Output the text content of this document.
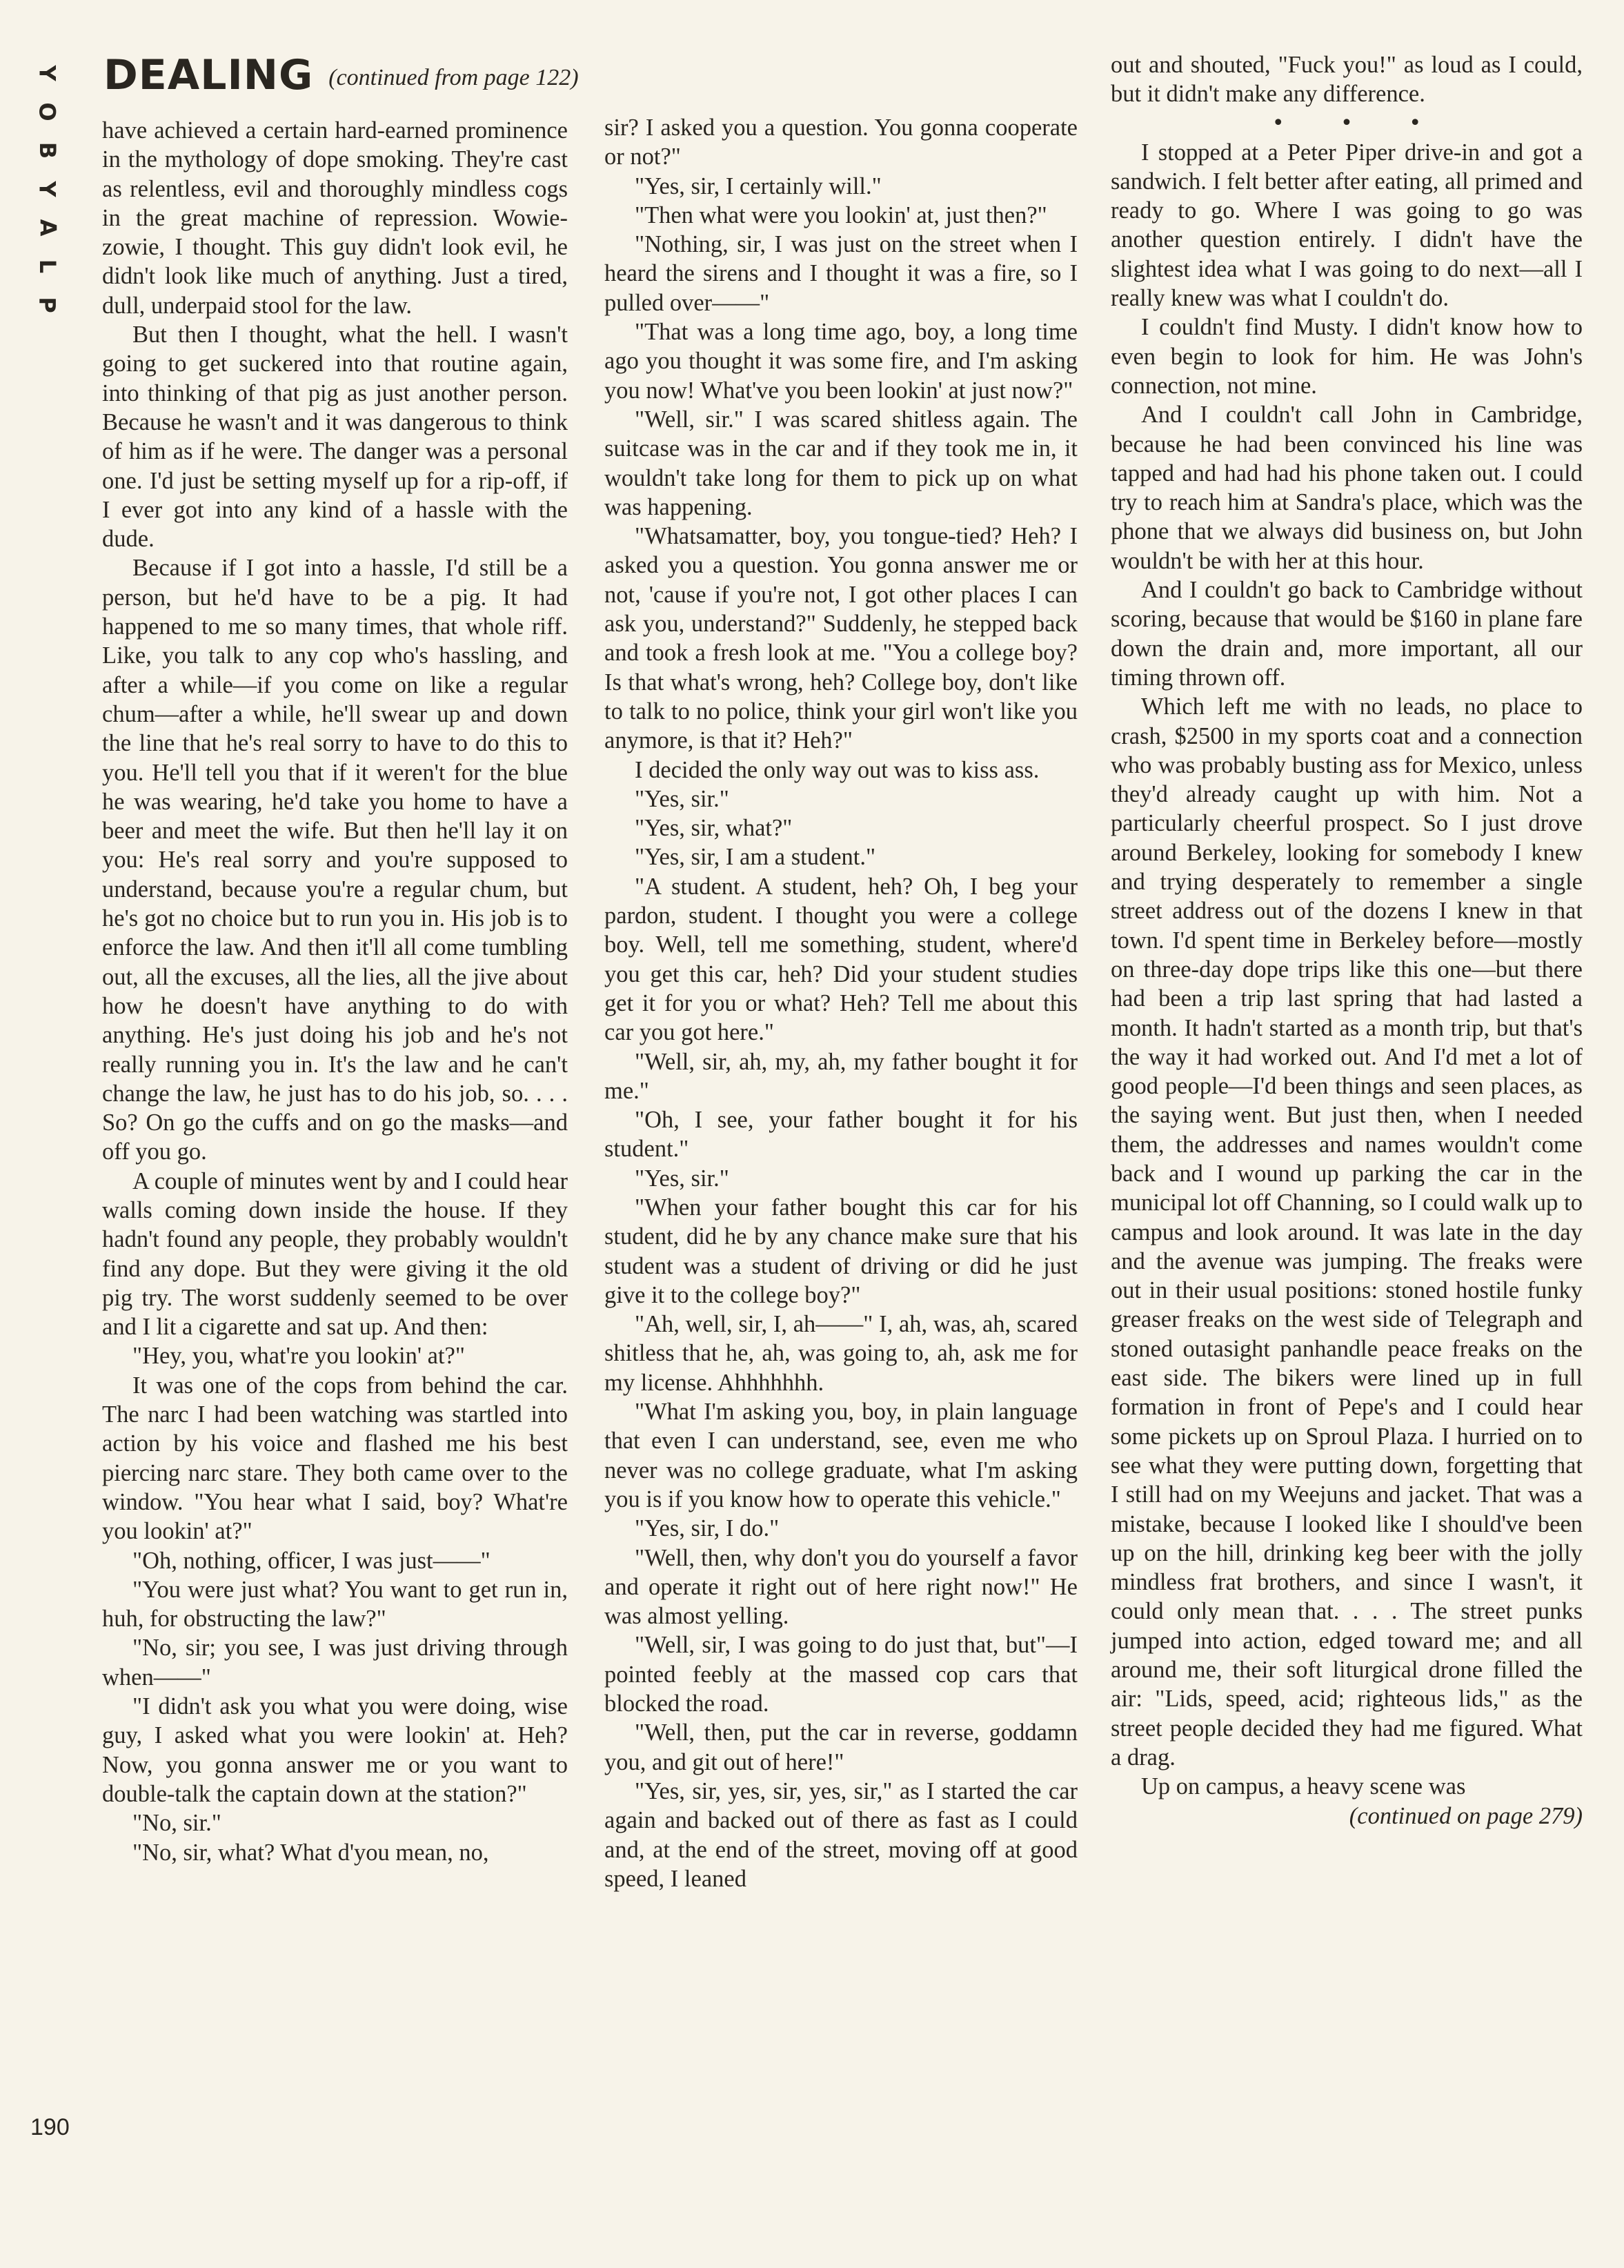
Y
O
B
Y
A
L
P
DEALING (continued from page 122)

have achieved a certain hard-earned prominence in the mythology of dope smoking. They're cast as relentless, evil and thoroughly mindless cogs in the great machine of repression. Wowie-zowie, I thought. This guy didn't look evil, he didn't look like much of anything. Just a tired, dull, underpaid stool for the law.

But then I thought, what the hell. I wasn't going to get suckered into that routine again, into thinking of that pig as just another person. Because he wasn't and it was dangerous to think of him as if he were. The danger was a personal one. I'd just be setting myself up for a rip-off, if I ever got into any kind of a hassle with the dude.

Because if I got into a hassle, I'd still be a person, but he'd have to be a pig. It had happened to me so many times, that whole riff. Like, you talk to any cop who's hassling, and after a while—if you come on like a regular chum—after a while, he'll swear up and down the line that he's real sorry to have to do this to you. He'll tell you that if it weren't for the blue he was wearing, he'd take you home to have a beer and meet the wife. But then he'll lay it on you: He's real sorry and you're supposed to understand, because you're a regular chum, but he's got no choice but to run you in. His job is to enforce the law. And then it'll all come tumbling out, all the excuses, all the lies, all the jive about how he doesn't have anything to do with anything. He's just doing his job and he's not really running you in. It's the law and he can't change the law, he just has to do his job, so. . . . So? On go the cuffs and on go the masks—and off you go.

A couple of minutes went by and I could hear walls coming down inside the house. If they hadn't found any people, they probably wouldn't find any dope. But they were giving it the old pig try. The worst suddenly seemed to be over and I lit a cigarette and sat up. And then:

"Hey, you, what're you lookin' at?"

It was one of the cops from behind the car. The narc I had been watching was startled into action by his voice and flashed me his best piercing narc stare. They both came over to the window. "You hear what I said, boy? What're you lookin' at?"

"Oh, nothing, officer, I was just——"

"You were just what? You want to get run in, huh, for obstructing the law?"

"No, sir; you see, I was just driving through when——"

"I didn't ask you what you were doing, wise guy, I asked what you were lookin' at. Heh? Now, you gonna answer me or you want to double-talk the captain down at the station?"

"No, sir."

"No, sir, what? What d'you mean, no,

sir? I asked you a question. You gonna cooperate or not?"

"Yes, sir, I certainly will."

"Then what were you lookin' at, just then?"

"Nothing, sir, I was just on the street when I heard the sirens and I thought it was a fire, so I pulled over——"

"That was a long time ago, boy, a long time ago you thought it was some fire, and I'm asking you now! What've you been lookin' at just now?"

"Well, sir." I was scared shitless again. The suitcase was in the car and if they took me in, it wouldn't take long for them to pick up on what was happening.

"Whatsamatter, boy, you tongue-tied? Heh? I asked you a question. You gonna answer me or not, 'cause if you're not, I got other places I can ask you, understand?" Suddenly, he stepped back and took a fresh look at me. "You a college boy? Is that what's wrong, heh? College boy, don't like to talk to no police, think your girl won't like you anymore, is that it? Heh?"

I decided the only way out was to kiss ass.

"Yes, sir."

"Yes, sir, what?"

"Yes, sir, I am a student."

"A student. A student, heh? Oh, I beg your pardon, student. I thought you were a college boy. Well, tell me something, student, where'd you get this car, heh? Did your student studies get it for you or what? Heh? Tell me about this car you got here."

"Well, sir, ah, my, ah, my father bought it for me."

"Oh, I see, your father bought it for his student."

"Yes, sir."

"When your father bought this car for his student, did he by any chance make sure that his student was a student of driving or did he just give it to the college boy?"

"Ah, well, sir, I, ah——" I, ah, was, ah, scared shitless that he, ah, was going to, ah, ask me for my license. Ahhhhhhh.

"What I'm asking you, boy, in plain language that even I can understand, see, even me who never was no college graduate, what I'm asking you is if you know how to operate this vehicle."

"Yes, sir, I do."

"Well, then, why don't you do yourself a favor and operate it right out of here right now!" He was almost yelling.

"Well, sir, I was going to do just that, but"—I pointed feebly at the massed cop cars that blocked the road.

"Well, then, put the car in reverse, goddamn you, and git out of here!"

"Yes, sir, yes, sir, yes, sir," as I started the car again and backed out of there as fast as I could and, at the end of the street, moving off at good speed, I leaned

out and shouted, "Fuck you!" as loud as I could, but it didn't make any difference.

• • •

I stopped at a Peter Piper drive-in and got a sandwich. I felt better after eating, all primed and ready to go. Where I was going to go was another question entirely. I didn't have the slightest idea what I was going to do next—all I really knew was what I couldn't do.

I couldn't find Musty. I didn't know how to even begin to look for him. He was John's connection, not mine.

And I couldn't call John in Cambridge, because he had been convinced his line was tapped and had had his phone taken out. I could try to reach him at Sandra's place, which was the phone that we always did business on, but John wouldn't be with her at this hour.

And I couldn't go back to Cambridge without scoring, because that would be $160 in plane fare down the drain and, more important, all our timing thrown off.

Which left me with no leads, no place to crash, $2500 in my sports coat and a connection who was probably busting ass for Mexico, unless they'd already caught up with him. Not a particularly cheerful prospect. So I just drove around Berkeley, looking for somebody I knew and trying desperately to remember a single street address out of the dozens I knew in that town. I'd spent time in Berkeley before—mostly on three-day dope trips like this one—but there had been a trip last spring that had lasted a month. It hadn't started as a month trip, but that's the way it had worked out. And I'd met a lot of good people—I'd been things and seen places, as the saying went. But just then, when I needed them, the addresses and names wouldn't come back and I wound up parking the car in the municipal lot off Channing, so I could walk up to campus and look around. It was late in the day and the avenue was jumping. The freaks were out in their usual positions: stoned hostile funky greaser freaks on the west side of Telegraph and stoned outasight panhandle peace freaks on the east side. The bikers were lined up in full formation in front of Pepe's and I could hear some pickets up on Sproul Plaza. I hurried on to see what they were putting down, forgetting that I still had on my Weejuns and jacket. That was a mistake, because I looked like I should've been up on the hill, drinking keg beer with the jolly mindless frat brothers, and since I wasn't, it could only mean that. . . . The street punks jumped into action, edged toward me; and all around me, their soft liturgical drone filled the air: "Lids, speed, acid; righteous lids," as the street people decided they had me figured. What a drag.

Up on campus, a heavy scene was

(continued on page 279)

190
